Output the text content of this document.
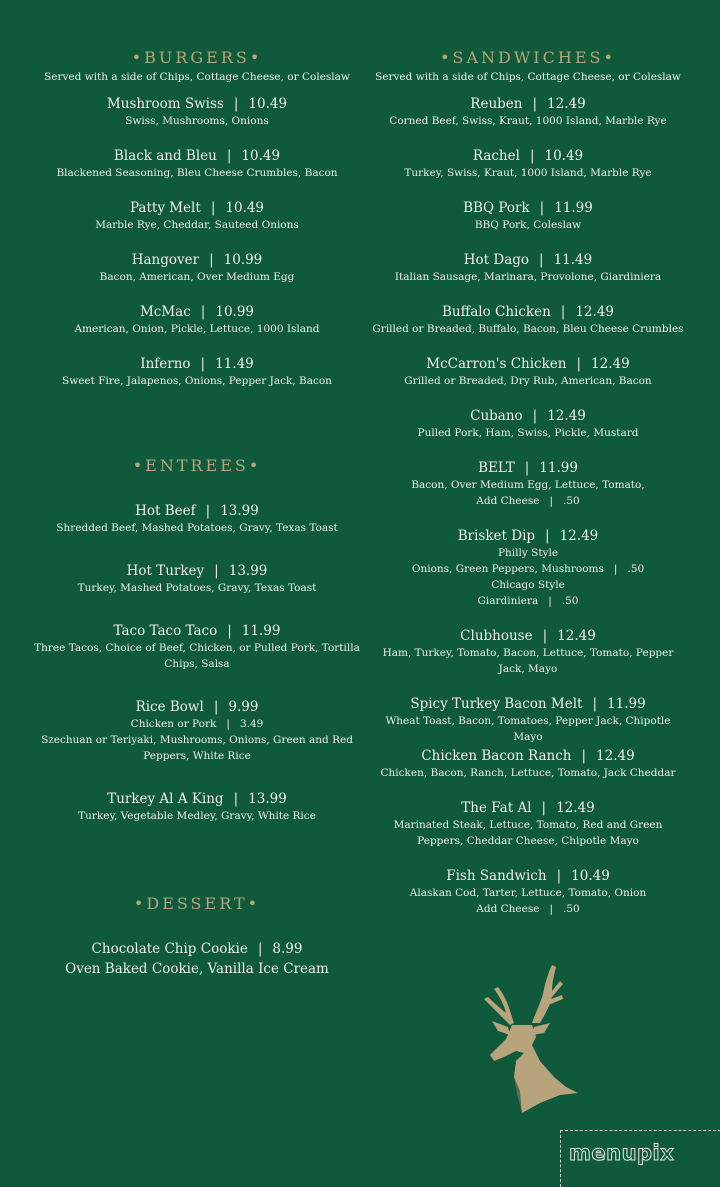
•BURGERS•
Served with a side of Chips, Cottage Cheese, or Coleslaw
Mushroom Swiss | 10.49
Swiss, Mushrooms, Onions
Black and Bleu | 10.49
Blackened Seasoning, Bleu Cheese Crumbles, Bacon
Patty Melt | 10.49
Marble Rye, Cheddar, Sauteed Onions
Hangover | 10.99
Bacon, American, Over Medium Egg
McMac | 10.99
American, Onion, Pickle, Lettuce, 1000 Island
Inferno | 11.49
Sweet Fire, Jalapenos, Onions, Pepper Jack, Bacon
•ENTREES•
Hot Beef | 13.99
Shredded Beef, Mashed Potatoes, Gravy, Texas Toast
Hot Turkey | 13.99
Turkey, Mashed Potatoes, Gravy, Texas Toast
Taco Taco Taco | 11.99
Three Tacos, Choice of Beef, Chicken, or Pulled Pork, Tortilla Chips, Salsa
Rice Bowl | 9.99
Chicken or Pork | 3.49
Szechuan or Teriyaki, Mushrooms, Onions, Green and Red Peppers, White Rice
Turkey Al A King | 13.99
Turkey, Vegetable Medley, Gravy, White Rice
•DESSERT•
Chocolate Chip Cookie | 8.99
Oven Baked Cookie, Vanilla Ice Cream
•SANDWICHES•
Served with a side of Chips, Cottage Cheese, or Coleslaw
Reuben | 12.49
Corned Beef, Swiss, Kraut, 1000 Island, Marble Rye
Rachel | 10.49
Turkey, Swiss, Kraut, 1000 Island, Marble Rye
BBQ Pork | 11.99
BBQ Pork, Coleslaw
Hot Dago | 11.49
Italian Sausage, Marinara, Provolone, Giardiniera
Buffalo Chicken | 12.49
Grilled or Breaded, Buffalo, Bacon, Bleu Cheese Crumbles
McCarron's Chicken | 12.49
Grilled or Breaded, Dry Rub, American, Bacon
Cubano | 12.49
Pulled Pork, Ham, Swiss, Pickle, Mustard
BELT | 11.99
Bacon, Over Medium Egg, Lettuce, Tomato,
Add Cheese | .50
Brisket Dip | 12.49
Philly Style
Onions, Green Peppers, Mushrooms | .50
Chicago Style
Giardiniera | .50
Clubhouse | 12.49
Ham, Turkey, Tomato, Bacon, Lettuce, Tomato, Pepper Jack, Mayo
Spicy Turkey Bacon Melt | 11.99
Wheat Toast, Bacon, Tomatoes, Pepper Jack, Chipotle Mayo
Chicken Bacon Ranch | 12.49
Chicken, Bacon, Ranch, Lettuce, Tomato, Jack Cheddar
The Fat Al | 12.49
Marinated Steak, Lettuce, Tomato, Red and Green Peppers, Cheddar Cheese, Chipotle Mayo
Fish Sandwich | 10.49
Alaskan Cod, Tarter, Lettuce, Tomato, Onion
Add Cheese | .50
menupix
